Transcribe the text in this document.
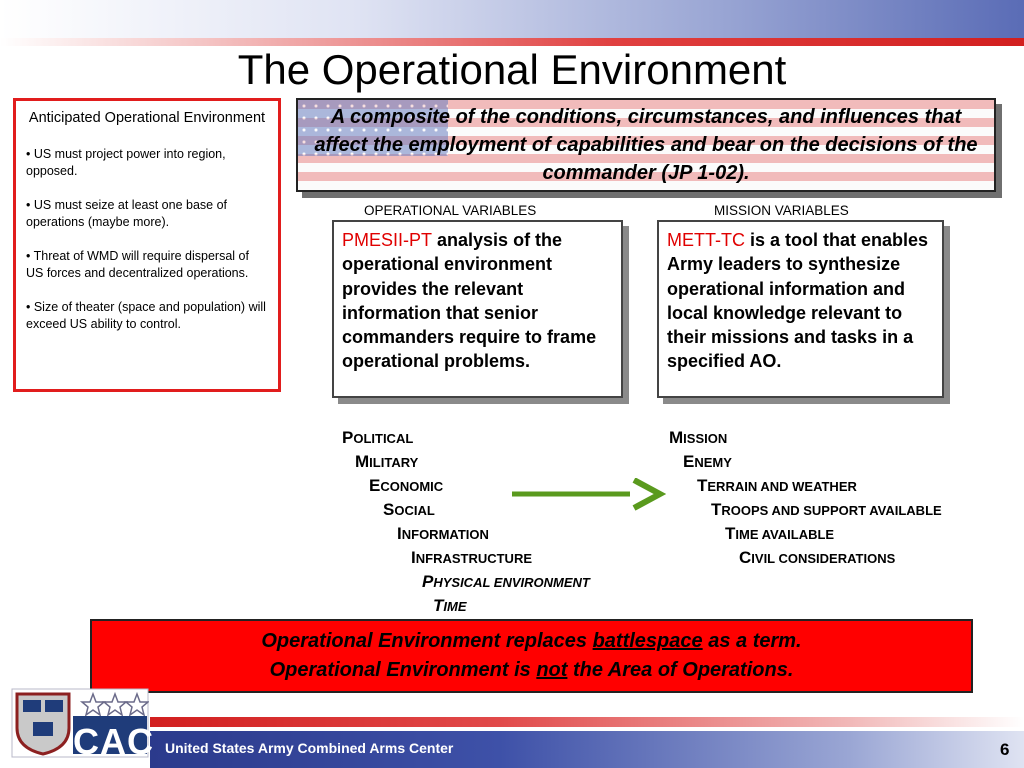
The Operational Environment
Anticipated Operational Environment
• US must project power into region, opposed.
• US must seize at least one base of operations (maybe more).
• Threat of WMD will require dispersal of US forces and decentralized operations.
• Size of theater (space and population) will exceed US ability to control.
A composite of the conditions, circumstances, and influences that affect the employment of capabilities and bear on the decisions of the commander (JP 1-02).
OPERATIONAL VARIABLES	MISSION VARIABLES
PMESII-PT analysis of the operational environment provides the relevant information that senior commanders require to frame operational problems.
METT-TC is a tool that enables Army leaders to synthesize operational information and local knowledge relevant to their missions and tasks in a specified AO.
POLITICAL
MILITARY
ECONOMIC
SOCIAL
INFORMATION
INFRASTRUCTURE
PHYSICAL ENVIRONMENT
TIME
MISSION
ENEMY
TERRAIN AND WEATHER
TROOPS AND SUPPORT AVAILABLE
TIME AVAILABLE
CIVIL CONSIDERATIONS
Operational Environment replaces battlespace as a term.
Operational Environment is not the Area of Operations.
United States Army Combined Arms Center	6
CAC
